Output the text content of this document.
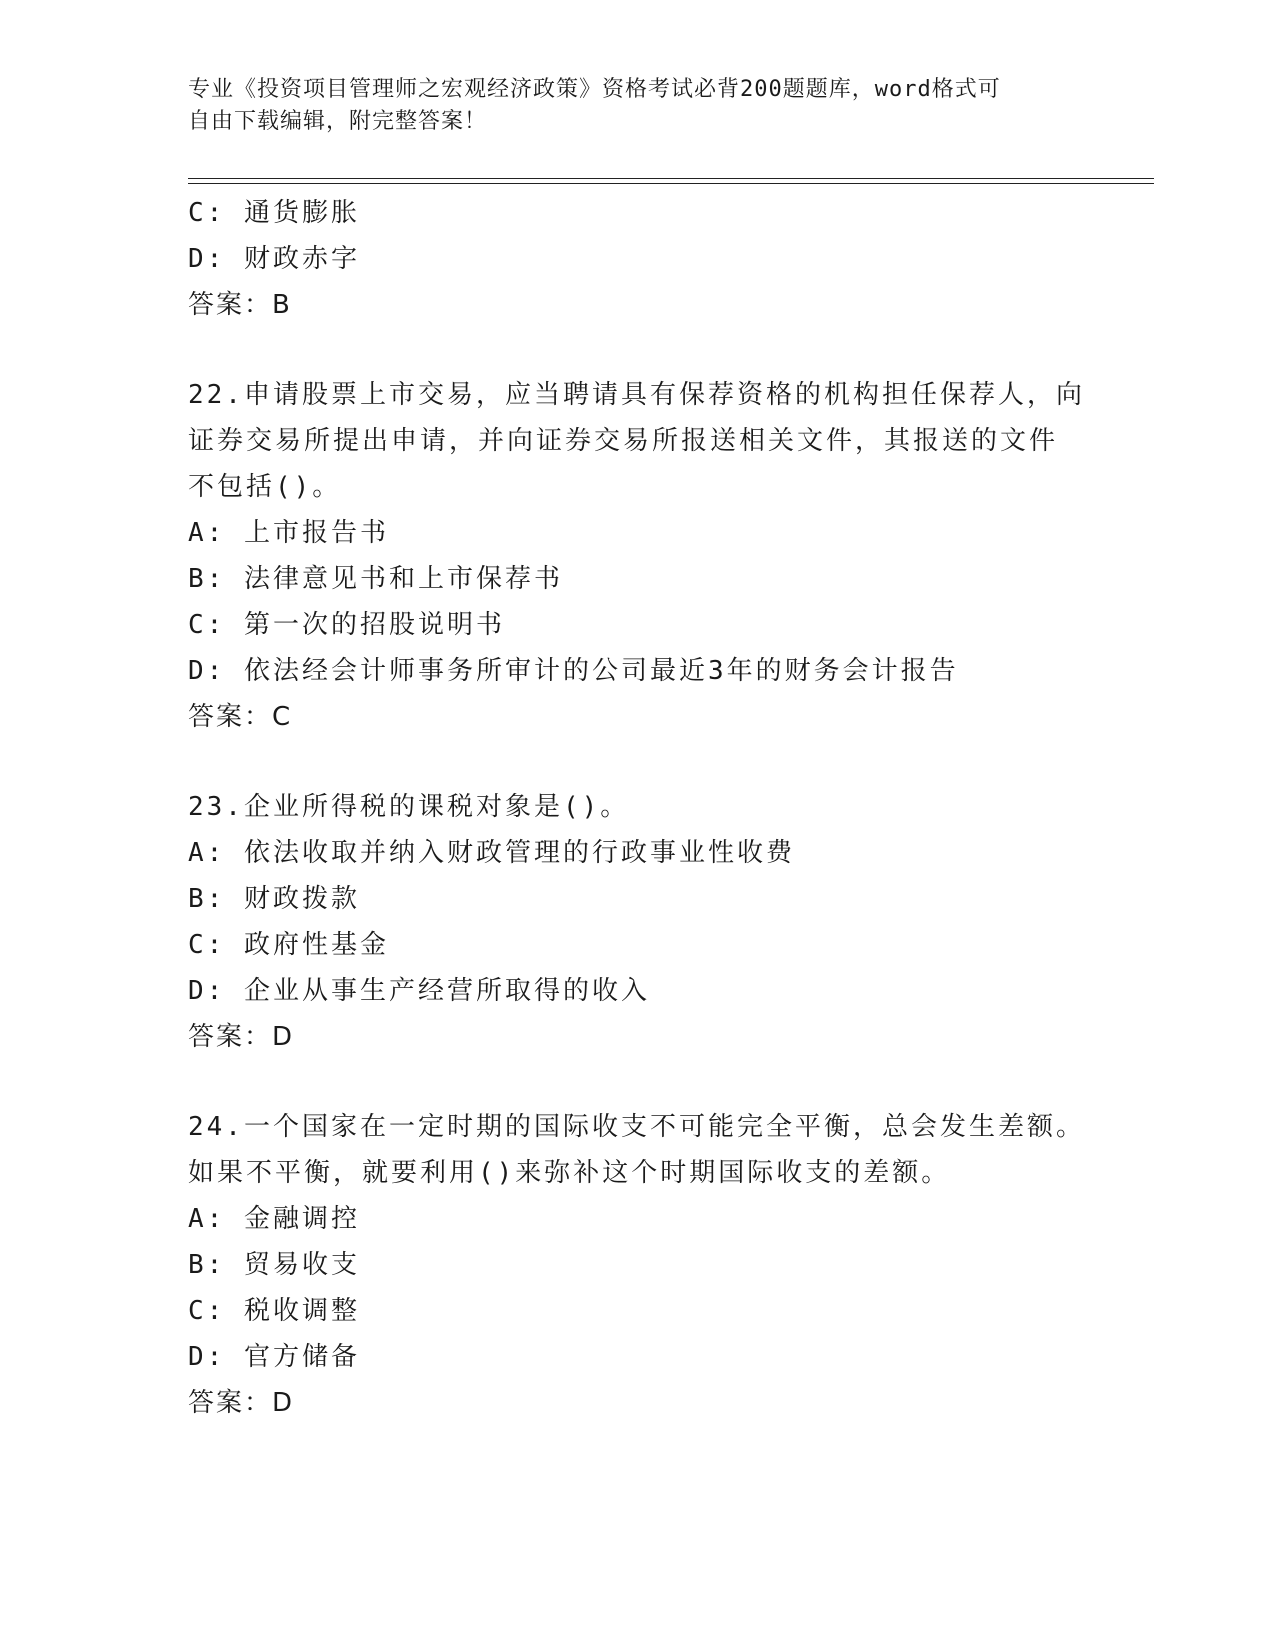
专业《投资项目管理师之宏观经济政策》资格考试必背200题题库，word格式可

自由下载编辑，附完整答案！

C: 通货膨胀

D: 财政赤字

答案：B

22.申请股票上市交易，应当聘请具有保荐资格的机构担任保荐人，向
证券交易所提出申请，并向证券交易所报送相关文件，其报送的文件
不包括()。

A: 上市报告书

B: 法律意见书和上市保荐书

C: 第一次的招股说明书

D: 依法经会计师事务所审计的公司最近3年的财务会计报告

答案：C

23.企业所得税的课税对象是()。

A: 依法收取并纳入财政管理的行政事业性收费

B: 财政拨款

C: 政府性基金

D: 企业从事生产经营所取得的收入

答案：D

24.一个国家在一定时期的国际收支不可能完全平衡，总会发生差额。
如果不平衡，就要利用()来弥补这个时期国际收支的差额。

A: 金融调控

B: 贸易收支

C: 税收调整

D: 官方储备

答案：D
